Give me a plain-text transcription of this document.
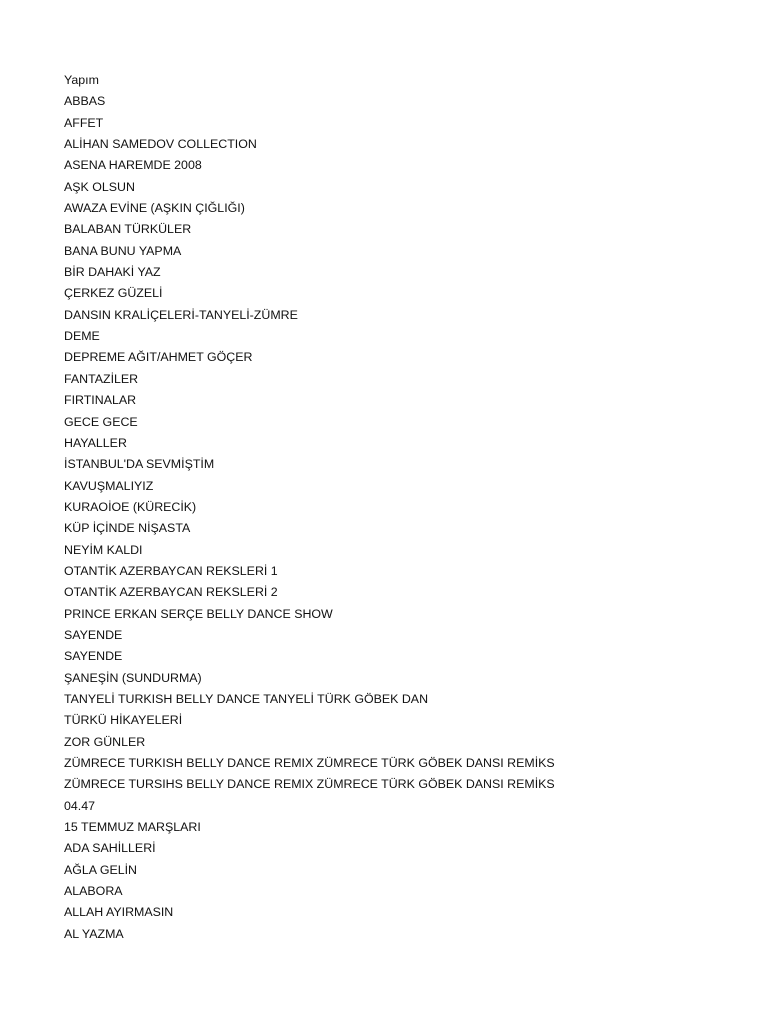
Yapım
ABBAS
AFFET
ALİHAN SAMEDOV COLLECTION
ASENA HAREMDE 2008
AŞK OLSUN
AWAZA EVİNE (AŞKIN ÇIĞLIĞI)
BALABAN TÜRKÜLER
BANA BUNU YAPMA
BİR DAHAKİ YAZ
ÇERKEZ GÜZELİ
DANSIN KRALİÇELERİ-TANYELİ-ZÜMRE
DEME
DEPREME AĞIT/AHMET GÖÇER
FANTAZİLER
FIRTINALAR
GECE GECE
HAYALLER
İSTANBUL'DA SEVMİŞTİM
KAVUŞMALIYIZ
KURAOİOE (KÜRECİK)
KÜP İÇİNDE NİŞASTA
NEYİM KALDI
OTANTİK AZERBAYCAN REKSLERİ 1
OTANTİK AZERBAYCAN REKSLERİ 2
PRINCE ERKAN SERÇE BELLY DANCE SHOW
SAYENDE
SAYENDE
ŞANEŞİN (SUNDURMA)
TANYELİ TURKISH BELLY DANCE TANYELİ TÜRK GÖBEK DAN
TÜRKÜ HİKAYELERİ
ZOR GÜNLER
ZÜMRECE TURKISH BELLY DANCE REMIX ZÜMRECE TÜRK GÖBEK DANSI REMİKS
ZÜMRECE TURSIHS BELLY DANCE REMIX ZÜMRECE TÜRK GÖBEK DANSI REMİKS
04.47
15 TEMMUZ MARŞLARI
ADA SAHİLLERİ
AĞLA GELİN
ALABORA
ALLAH AYIRMASIN
AL YAZMA
